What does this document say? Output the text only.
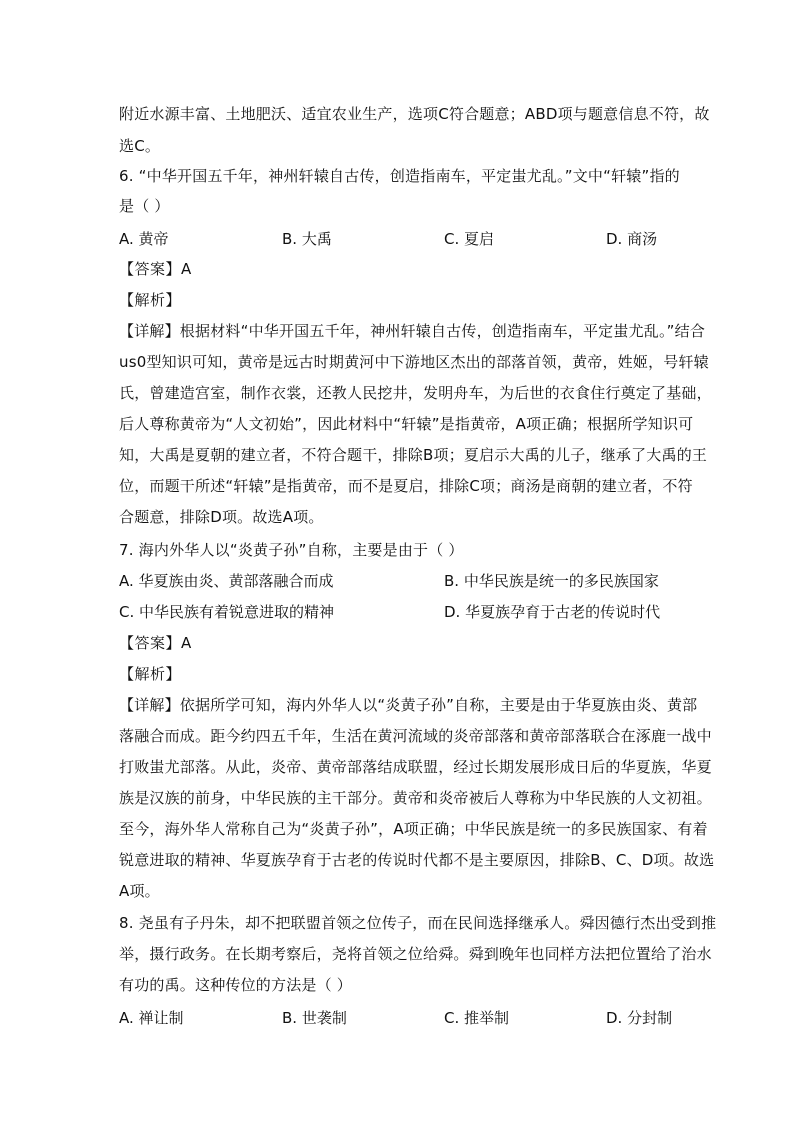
附近水源丰富、土地肥沃、适宜农业生产，选项C符合题意；ABD项与题意信息不符，故
选C。
6. “中华开国五千年，神州轩辕自古传，创造指南车，平定蚩尤乱。”文中“轩辕”指的
是（ ）
A. 黄帝	B. 大禹	C. 夏启	D. 商汤
【答案】A
【解析】
【详解】根据材料“中华开国五千年，神州轩辕自古传，创造指南车，平定蚩尤乱。”结合
us0型知识可知，黄帝是远古时期黄河中下游地区杰出的部落首领，黄帝，姓姬，号轩辕
氏，曾建造宫室，制作衣裳，还教人民挖井，发明舟车，为后世的衣食住行奠定了基础，
后人尊称黄帝为“人文初始”，因此材料中“轩辕”是指黄帝，A项正确；根据所学知识可
知，大禹是夏朝的建立者，不符合题干，排除B项；夏启示大禹的儿子，继承了大禹的王
位，而题干所述“轩辕”是指黄帝，而不是夏启，排除C项；商汤是商朝的建立者，不符
合题意，排除D项。故选A项。
7. 海内外华人以“炎黄子孙”自称，主要是由于（ ）
A. 华夏族由炎、黄部落融合而成	B. 中华民族是统一的多民族国家
C. 中华民族有着锐意进取的精神	D. 华夏族孕育于古老的传说时代
【答案】A
【解析】
【详解】依据所学可知，海内外华人以“炎黄子孙”自称，主要是由于华夏族由炎、黄部
落融合而成。距今约四五千年，生活在黄河流域的炎帝部落和黄帝部落联合在涿鹿一战中
打败蚩尤部落。从此，炎帝、黄帝部落结成联盟，经过长期发展形成日后的华夏族，华夏
族是汉族的前身，中华民族的主干部分。黄帝和炎帝被后人尊称为中华民族的人文初祖。
至今，海外华人常称自己为“炎黄子孙”，A项正确；中华民族是统一的多民族国家、有着
锐意进取的精神、华夏族孕育于古老的传说时代都不是主要原因，排除B、C、D项。故选
A项。
8. 尧虽有子丹朱，却不把联盟首领之位传子，而在民间选择继承人。舜因德行杰出受到推
举，摄行政务。在长期考察后，尧将首领之位给舜。舜到晚年也同样方法把位置给了治水
有功的禹。这种传位的方法是（ ）
A. 禅让制	B. 世袭制	C. 推举制	D. 分封制
